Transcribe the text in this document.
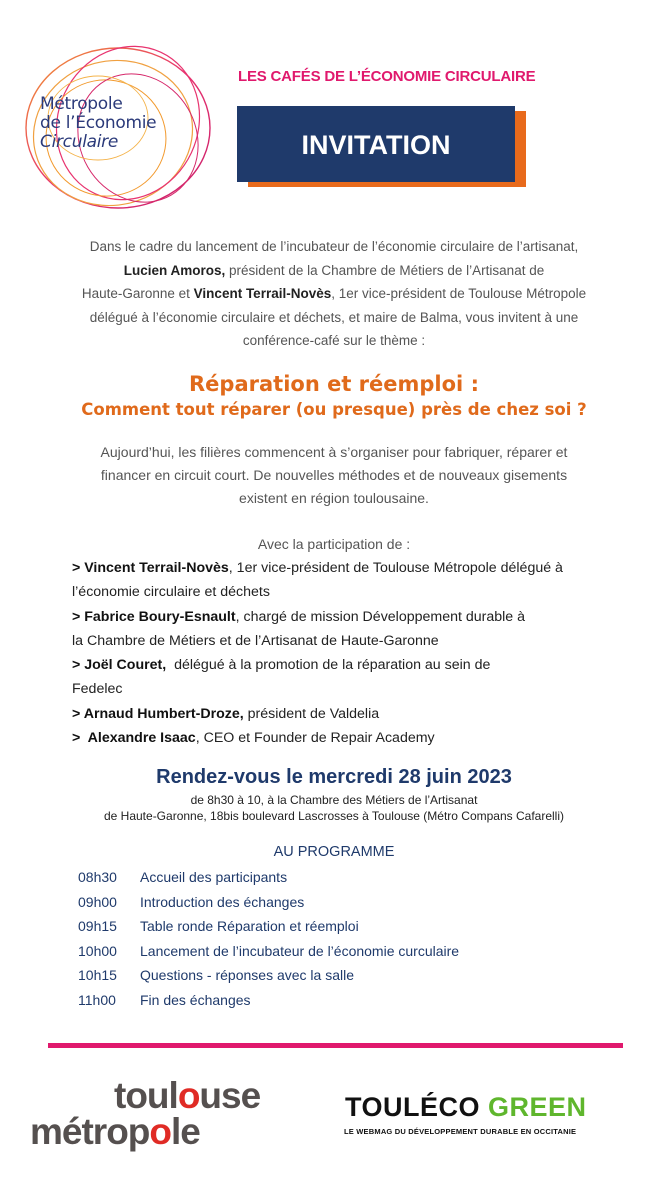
Métropole
de l’Économie
Circulaire
LES CAFÉS DE L’ÉCONOMIE CIRCULAIRE
INVITATION
Dans le cadre du lancement de l’incubateur de l’économie circulaire de l’artisanat,
Lucien Amoros, président de la Chambre de Métiers de l’Artisanat de
Haute-Garonne et Vincent Terrail-Novès, 1er vice-président de Toulouse Métropole
délégué à l’économie circulaire et déchets, et maire de Balma, vous invitent à une
conférence-café sur le thème :
Réparation et réemploi :
Comment tout réparer (ou presque) près de chez soi ?
Aujourd’hui, les filières commencent à s’organiser pour fabriquer, réparer et
financer en circuit court. De nouvelles méthodes et de nouveaux gisements
existent en région toulousaine.
Avec la participation de :
> Vincent Terrail-Novès, 1er vice-président de Toulouse Métropole délégué à
l’économie circulaire et déchets
> Fabrice Boury-Esnault, chargé de mission Développement durable à
la Chambre de Métiers et de l’Artisanat de Haute-Garonne
> Joël Couret,  délégué à la promotion de la réparation au sein de
Fedelec
> Arnaud Humbert-Droze, président de Valdelia
>  Alexandre Isaac, CEO et Founder de Repair Academy
Rendez-vous le mercredi 28 juin 2023
de 8h30 à 10, à la Chambre des Métiers de l’Artisanat
de Haute-Garonne, 18bis boulevard Lascrosses à Toulouse (Métro Compans Cafarelli)
AU PROGRAMME
08h30	Accueil des participants
09h00	Introduction des échanges
09h15	Table ronde Réparation et réemploi
10h00	Lancement de l’incubateur de l’économie curculaire
10h15	Questions - réponses avec la salle
11h00	Fin des échanges
toulouse
métropole
TOULÉCO GREEN
LE WEBMAG DU DÉVELOPPEMENT DURABLE EN OCCITANIE
